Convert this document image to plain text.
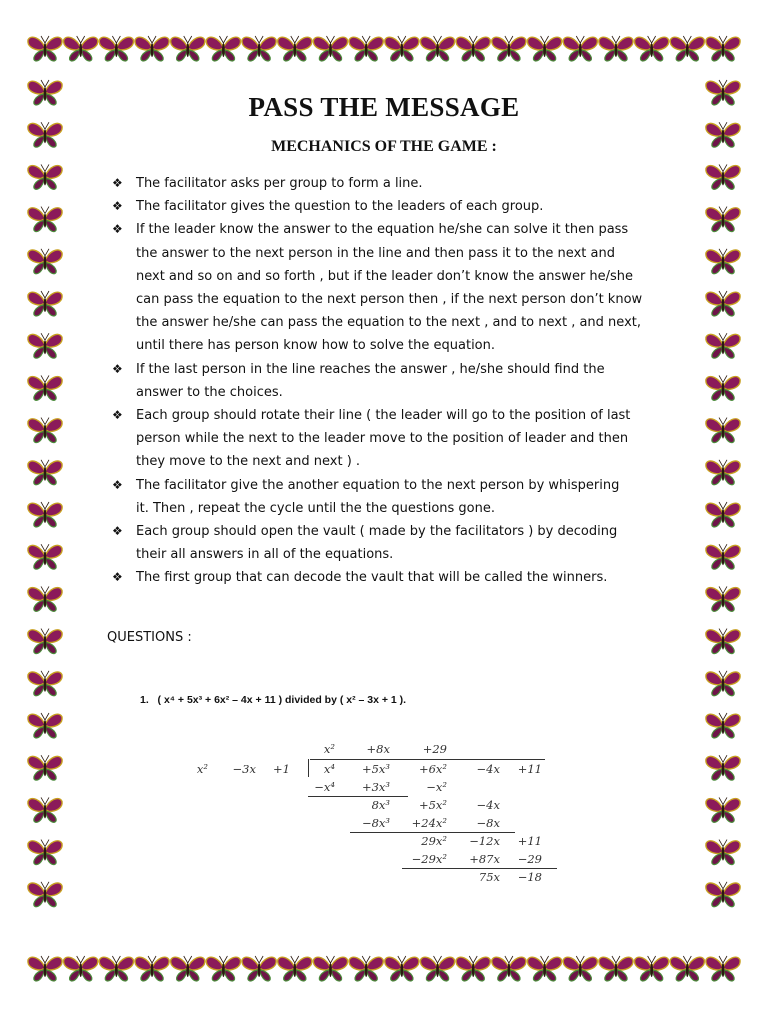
PASS THE MESSAGE
MECHANICS OF THE GAME :
❖ The facilitator asks per group to form a line.
❖ The facilitator gives the question to the leaders of each group.
❖ If the leader know the answer to the equation he/she can solve it then pass
the answer to the next person in the line and then pass it to the next and
next and so on and so forth , but if the leader don’t know the answer he/she
can pass the equation to the next person then , if the next person don’t know
the answer he/she can pass the equation to the next , and to next , and next,
until there has person know how to solve the equation.
❖ If the last person in the line reaches the answer , he/she should find the
answer to the choices.
❖ Each group should rotate their line ( the leader will go to the position of last
person while the next to the leader move to the position of leader and then
they move to the next and next ) .
❖ The facilitator give the another equation to the next person by whispering
it. Then , repeat the cycle until the the questions gone.
❖ Each group should open the vault ( made by the facilitators ) by decoding
their all answers in all of the equations.
❖ The first group that can decode the vault that will be called the winners.
QUESTIONS :
1. ( x⁴ + 5x³ + 6x² – 4x + 11 ) divided by ( x² – 3x + 1 ).
x²	+8x	+29
x² −3x +1	x⁴ +5x³	+6x²	−4x +11
−x⁴ +3x³	−x²
8x³	+5x²	−4x
−8x³ +24x²	−8x
29x² −12x +11
−29x² +87x −29
75x −18
